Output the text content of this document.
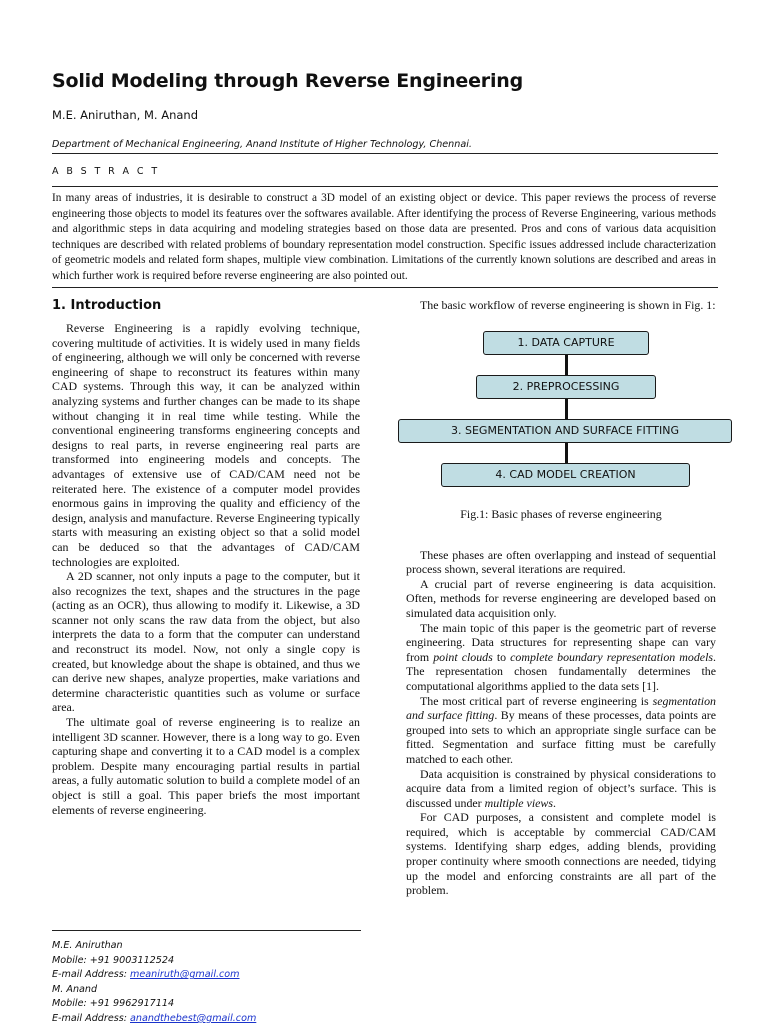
Solid Modeling through Reverse Engineering
M.E. Aniruthan, M. Anand
Department of Mechanical Engineering, Anand Institute of Higher Technology, Chennai.
A B S T R A C T

In many areas of industries, it is desirable to construct a 3D model of an existing object or device. This paper reviews the process of reverse engineering those objects to model its features over the softwares available. After identifying the process of Reverse Engineering, various methods and algorithmic steps in data acquiring and modeling strategies based on those data are presented. Pros and cons of various data acquisition techniques are described with related problems of boundary representation model construction. Specific issues addressed include characterization of geometric models and related form shapes, multiple view combination. Limitations of the currently known solutions are described and areas in which further work is required before reverse engineering are also pointed out.

1. Introduction

Reverse Engineering is a rapidly evolving technique, covering multitude of activities. It is widely used in many fields of engineering, although we will only be concerned with reverse engineering of shape to reconstruct its features within many CAD systems. Through this way, it can be analyzed within analyzing systems and further changes can be made to its shape without changing it in real time while testing. While the conventional engineering transforms engineering concepts and designs to real parts, in reverse engineering real parts are transformed into engineering models and concepts. The advantages of extensive use of CAD/CAM need not be reiterated here. The existence of a computer model provides enormous gains in improving the quality and efficiency of the design, analysis and manufacture. Reverse Engineering typically starts with measuring an existing object so that a solid model can be deduced so that the advantages of CAD/CAM technologies are exploited.

A 2D scanner, not only inputs a page to the computer, but it also recognizes the text, shapes and the structures in the page (acting as an OCR), thus allowing to modify it. Likewise, a 3D scanner not only scans the raw data from the object, but also interprets the data to a form that the computer can understand and reconstruct its model. Now, not only a single copy is created, but knowledge about the shape is obtained, and thus we can derive new shapes, analyze properties, make variations and determine characteristic quantities such as volume or surface area.

The ultimate goal of reverse engineering is to realize an intelligent 3D scanner. However, there is a long way to go. Even capturing shape and converting it to a CAD model is a complex problem. Despite many encouraging partial results in partial areas, a fully automatic solution to build a complete model of an object is still a goal. This paper briefs the most important elements of reverse engineering.

The basic workflow of reverse engineering is shown in Fig. 1:

1. DATA CAPTURE
2. PREPROCESSING
3. SEGMENTATION AND SURFACE FITTING
4. CAD MODEL CREATION
Fig.1: Basic phases of reverse engineering

These phases are often overlapping and instead of sequential process shown, several iterations are required.

A crucial part of reverse engineering is data acquisition. Often, methods for reverse engineering are developed based on simulated data acquisition only.

The main topic of this paper is the geometric part of reverse engineering. Data structures for representing shape can vary from point clouds to complete boundary representation models. The representation chosen fundamentally determines the computational algorithms applied to the data sets [1].

The most critical part of reverse engineering is segmentation and surface fitting. By means of these processes, data points are grouped into sets to which an appropriate single surface can be fitted. Segmentation and surface fitting must be carefully matched to each other.

Data acquisition is constrained by physical considerations to acquire data from a limited region of object’s surface. This is discussed under multiple views.

For CAD purposes, a consistent and complete model is required, which is acceptable by commercial CAD/CAM systems. Identifying sharp edges, adding blends, providing proper continuity where smooth connections are needed, tidying up the model and enforcing constraints are all part of the problem.

M.E. Aniruthan
Mobile: +91 9003112524
E-mail Address: meaniruth@gmail.com
M. Anand
Mobile: +91 9962917114
E-mail Address: anandthebest@gmail.com
